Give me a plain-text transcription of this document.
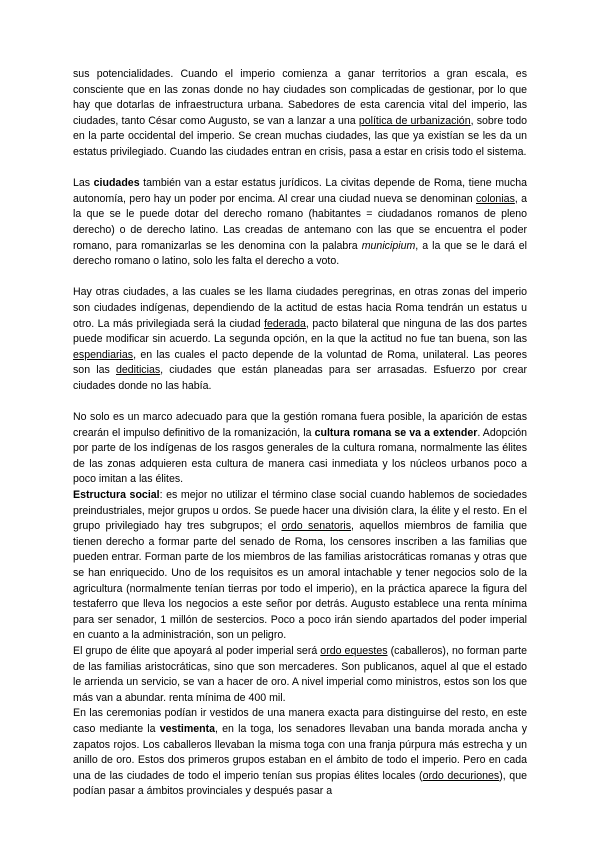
sus potencialidades. Cuando el imperio comienza a ganar territorios a gran escala, es consciente que en las zonas donde no hay ciudades son complicadas de gestionar, por lo que hay que dotarlas de infraestructura urbana. Sabedores de esta carencia vital del imperio, las ciudades, tanto César como Augusto, se van a lanzar a una política de urbanización, sobre todo en la parte occidental del imperio. Se crean muchas ciudades, las que ya existían se les da un estatus privilegiado. Cuando las ciudades entran en crisis, pasa a estar en crisis todo el sistema.

Las ciudades también van a estar estatus jurídicos. La civitas depende de Roma, tiene mucha autonomía, pero hay un poder por encima. Al crear una ciudad nueva se denominan colonias, a la que se le puede dotar del derecho romano (habitantes = ciudadanos romanos de pleno derecho) o de derecho latino. Las creadas de antemano con las que se encuentra el poder romano, para romanizarlas se les denomina con la palabra municipium, a la que se le dará el derecho romano o latino, solo les falta el derecho a voto.

Hay otras ciudades, a las cuales se les llama ciudades peregrinas, en otras zonas del imperio son ciudades indígenas, dependiendo de la actitud de estas hacia Roma tendrán un estatus u otro. La más privilegiada será la ciudad federada, pacto bilateral que ninguna de las dos partes puede modificar sin acuerdo. La segunda opción, en la que la actitud no fue tan buena, son las espendiarias, en las cuales el pacto depende de la voluntad de Roma, unilateral. Las peores son las dediticias, ciudades que están planeadas para ser arrasadas. Esfuerzo por crear ciudades donde no las había.

No solo es un marco adecuado para que la gestión romana fuera posible, la aparición de estas crearán el impulso definitivo de la romanización, la cultura romana se va a extender. Adopción por parte de los indígenas de los rasgos generales de la cultura romana, normalmente las élites de las zonas adquieren esta cultura de manera casi inmediata y los núcleos urbanos poco a poco imitan a las élites.

Estructura social: es mejor no utilizar el término clase social cuando hablemos de sociedades preindustriales, mejor grupos u ordos. Se puede hacer una división clara, la élite y el resto. En el grupo privilegiado hay tres subgrupos; el ordo senatoris, aquellos miembros de familia que tienen derecho a formar parte del senado de Roma, los censores inscriben a las familias que pueden entrar. Forman parte de los miembros de las familias aristocráticas romanas y otras que se han enriquecido. Uno de los requisitos es un amoral intachable y tener negocios solo de la agricultura (normalmente tenían tierras por todo el imperio), en la práctica aparece la figura del testaferro que lleva los negocios a este señor por detrás. Augusto establece una renta mínima para ser senador, 1 millón de sestercios. Poco a poco irán siendo apartados del poder imperial en cuanto a la administración, son un peligro.

El grupo de élite que apoyará al poder imperial será ordo equestes (caballeros), no forman parte de las familias aristocráticas, sino que son mercaderes. Son publicanos, aquel al que el estado le arrienda un servicio, se van a hacer de oro. A nivel imperial como ministros, estos son los que más van a abundar. renta mínima de 400 mil.

En las ceremonias podían ir vestidos de una manera exacta para distinguirse del resto, en este caso mediante la vestimenta, en la toga, los senadores llevaban una banda morada ancha y zapatos rojos. Los caballeros llevaban la misma toga con una franja púrpura más estrecha y un anillo de oro. Estos dos primeros grupos estaban en el ámbito de todo el imperio. Pero en cada una de las ciudades de todo el imperio tenían sus propias élites locales (ordo decuriones), que podían pasar a ámbitos provinciales y después pasar a
